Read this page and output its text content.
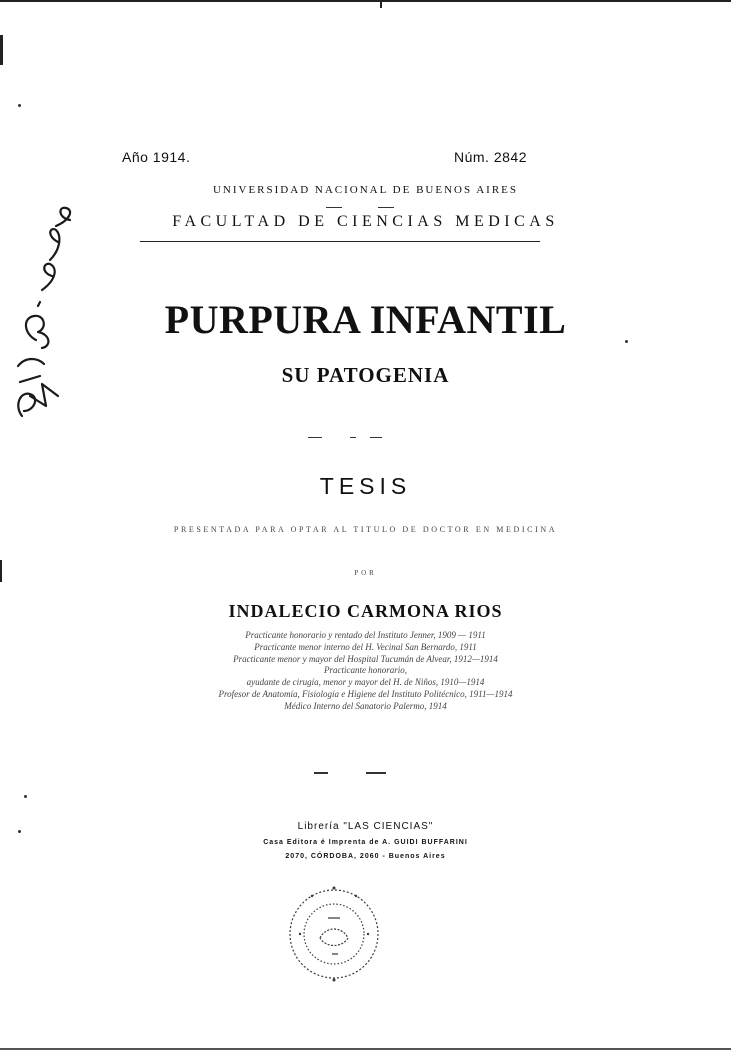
Año 1914.	Núm. 2842
UNIVERSIDAD NACIONAL DE BUENOS AIRES
FACULTAD DE CIENCIAS MEDICAS
PURPURA INFANTIL
SU PATOGENIA
TESIS
PRESENTADA PARA OPTAR AL TITULO DE DOCTOR EN MEDICINA
POR
INDALECIO CARMONA RIOS
Practicante honorario y rentado del Instituto Jenner, 1909 — 1911
Practicante menor interno del H. Vecinal San Bernardo, 1911
Practicante menor y mayor del Hospital Tucumán de Alvear, 1912—1914
Practicante honorario,
ayudante de cirugía, menor y mayor del H. de Niños, 1910—1914
Profesor de Anatomía, Fisiología e Higiene del Instituto Politécnico, 1911—1914
Médico Interno del Sanatorio Palermo, 1914
Librería "LAS CIENCIAS"
Casa Editora é Imprenta de A. GUIDI BUFFARINI
2070, CÓRDOBA, 2060 - Buenos Aires
